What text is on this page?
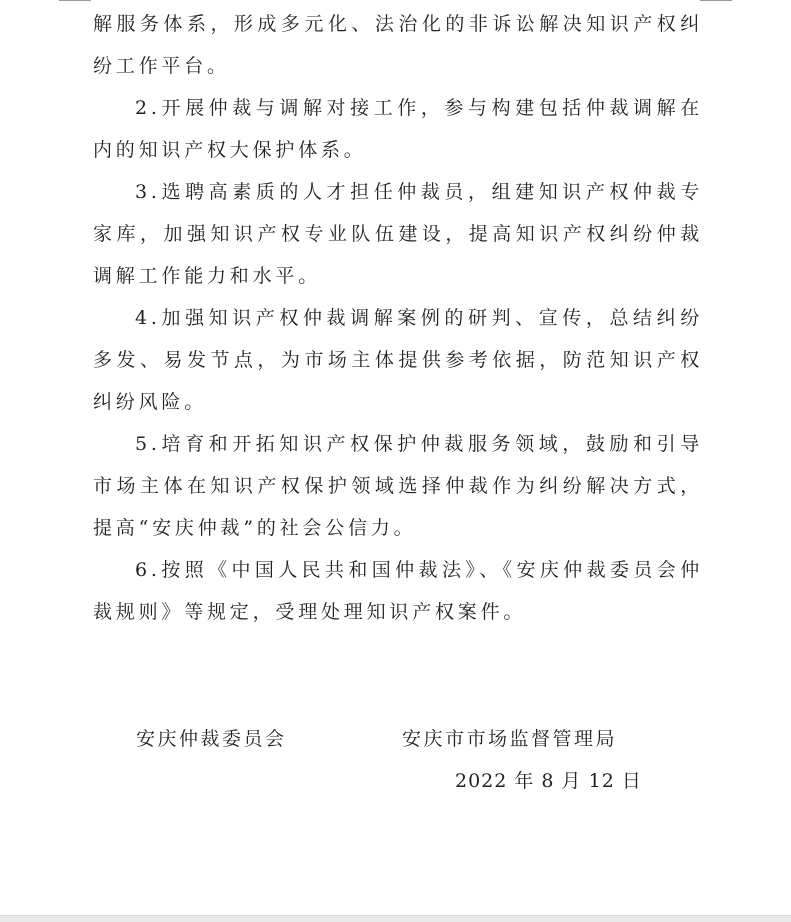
解服务体系，形成多元化、法治化的非诉讼解决知识产权纠纷工作平台。

2.开展仲裁与调解对接工作，参与构建包括仲裁调解在内的知识产权大保护体系。

3.选聘高素质的人才担任仲裁员，组建知识产权仲裁专家库，加强知识产权专业队伍建设，提高知识产权纠纷仲裁调解工作能力和水平。

4.加强知识产权仲裁调解案例的研判、宣传，总结纠纷多发、易发节点，为市场主体提供参考依据，防范知识产权纠纷风险。

5.培育和开拓知识产权保护仲裁服务领域，鼓励和引导市场主体在知识产权保护领域选择仲裁作为纠纷解决方式，提高“安庆仲裁”的社会公信力。

6.按照《中国人民共和国仲裁法》、《安庆仲裁委员会仲裁规则》等规定，受理处理知识产权案件。

安庆仲裁委员会	安庆市市场监督管理局
2022 年 8 月 12 日
